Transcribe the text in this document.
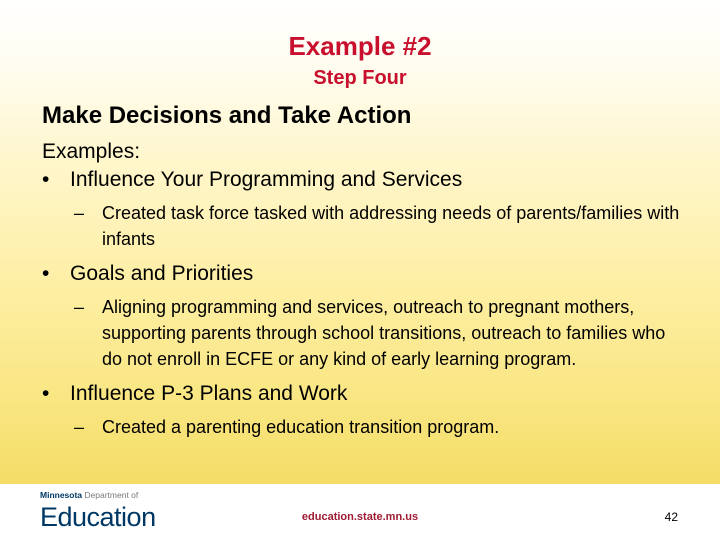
Example #2
Step Four
Make Decisions and Take Action
Examples:
• Influence Your Programming and Services
– Created task force tasked with addressing needs of parents/families with infants
• Goals and Priorities
– Aligning programming and services, outreach to pregnant mothers, supporting parents through school transitions, outreach to families who do not enroll in ECFE or any kind of early learning program.
• Influence P-3 Plans and Work
– Created a parenting education transition program.
Minnesota Department of
Education	education.state.mn.us	42
